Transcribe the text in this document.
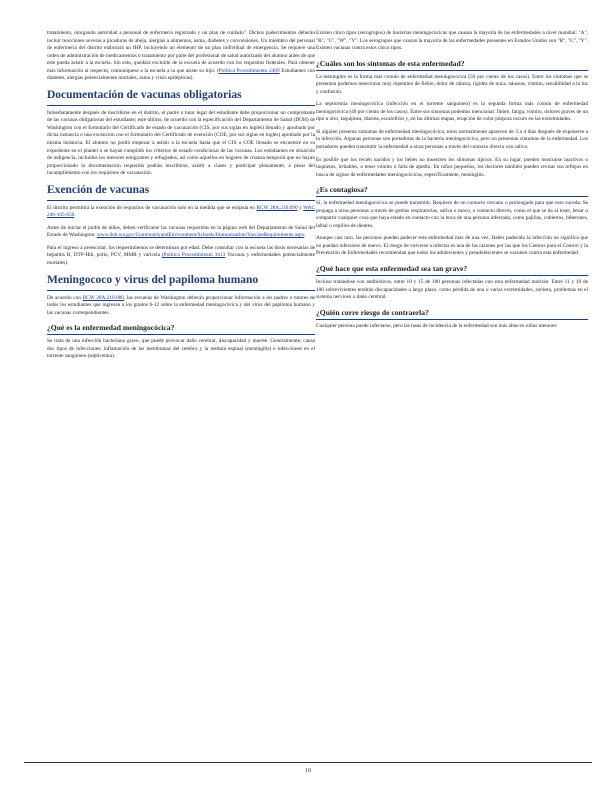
tratamiento, otorgando autoridad a personal de enfermería registrado y un plan de cuidado". Dichos padecimientos deberán incluir reacciones severas a picaduras de abeja, alergias a alimentos, asma, diabetes y convulsiones. Un miembro del personal de enfermería del distrito elaborará un IHP, incluyendo un elemento de un plan individual de emergencia. Se requiere una orden de administración de medicamentos o tratamiento por parte del profesional de salud autorizado del alumno antes de que este pueda asistir a la escuela. Sin esto, quedará excluido de la escuela de acuerdo con los requisitos federales. Para obtener más información al respecto, comuníquese a la escuela a la que asiste su hijo. (Política Procedimiento 2409 Estudiantes con diabetes, alergias potencialmente mortales, asma y crisis epilépticas).

Documentación de vacunas obligatorias

Inmediatamente después de inscribirse en el distrito, el padre o tutor legal del estudiante debe proporcionar un comprobante de las vacunas obligatorias del estudiante; este último, de acuerdo con la especificación del Departamento de Salud (DOH) de Washington con el formulario del Certificado de estado de vacunación (CIS, por sus siglas en inglés) llenado y aprobado por dicha instancia o una excención con el formulario del Certificado de exención (COE, por sus siglas en inglés) aprobado por la misma instancia. El alumno no podrá empezar a asistir a la escuela hasta que el CIS o COE llenado se encuentre en su expediente en el plantel o se hayan cumplido los criterios de estado condicional de las vacunas. Los estudiantes en situación de indigencia, incluidos los menores emigrantes y refugiados, así como aquellos en hogares de crianza temporal que no hayan proporcionado la documentación requerida podrán inscribirse, asistir a clases y participar plenamente, a pesar del incumplimiento con los requisitos de vacunación.

Exención de vacunas

El distrito permitirá la exención de requisitos de vacunación solo en la medida que se estipula en RCW 28A.210.090 y WAC 246-105-050.

Antes de iniciar el jardín de niños, deben verificarse las vacunas requeridas en la página web del Departamento de Salud del Estado de Washington: www.doh.wa.gov/CommunityandEnvironment/Schools/Immunization/VaccineRequirements.aspx.

Para el ingreso a preescolar, los requerimientos se determinan por edad. Debe consultar con la escuela las dosis necesarias de hepatitis B, DTP-Hib, polio, PCV, MMR y varicela (Política Procedimiento 3413 Vacunas y enfermedades potencialmente mortales).

Meningococo y virus del papiloma humano

De acuerdo con RCW 28A.210.080, las escuelas de Washington deberán proporcionar información a los padres o tutores de todos los estudiantes que ingresan a los grados 6-12 sobre la enfermedad meningocócica y del virus del papiloma humano y las vacunas correspondientes.

¿Qué es la enfermedad meningocócica?

Se trata de una infección bacteriana grave, que puede provocar daño cerebral, discapacidad y muerte. Generalmente, causa dos tipos de infecciones: inflamación de las membranas del cerebro y la médula espinal (meningitis) e infecciones en el torrente sanguíneo (septicemia).

Existen cinco tipos (serogrupos) de bacterias meningocócicas que causan la mayoría de las enfermedades a nivel mundial: "A", "B", "C", "W", "Y". Los serogrupos que causan la mayoría de las enfermedades presentes en Estados Unidos son "B", "C", "Y". Existen vacunas contra estos cinco tipos.

¿Cuáles son los síntomas de esta enfermedad?

La meningitis es la forma más común de enfermedad meningocócica (50 por ciento de los casos). Entre los síntomas que se presentan podemos mencionar muy repentino de fiebre, dolor de cabeza, rigidez de nuca, náuseas, vómito, sensibilidad a la luz y confusión.

La septicemia meningocócica (infección en el torrente sanguíneo) es la segunda forma más común de enfermedad meningocócica (40 por ciento de los casos). Entre sus síntomas podemos mencionar: fiebre, fatiga, vómito, dolores graves de un tipo u otro, taquipnea, diarrea, escalofríos y, en las últimas etapas, erupción de color púrpura oscuro en las extremidades.

Si alguien presenta síntomas de enfermedad meningocócica, estos normalmente aparecen de 3 a 4 días después de exponerse a la infección. Algunas personas son portadoras de la bacteria meningocócica, pero no presentan síntomas de la enfermedad. Los portadores pueden transmitir la enfermedad a otras personas a través del contacto directo con saliva.

Es posible que los recién nacidos y los bebés no muestren los síntomas típicos. En su lugar, pueden mostrarse inactivos o inquietos, irritables, o tener vómito o falta de apetito. En niños pequeños, los doctores también pueden revisar sus reflejos en busca de signos de enfermedades meningocócicas, específicamente, meningitis.

¿Es contagiosa?

Sí, la enfermedad meningocócica se puede transmitir. Requiere de un contacto cercano o prolongado para que esto suceda. Se propaga a otras personas a través de gotitas respiratorias, saliva o moco, o contacto directo, como el que se da al toser, besar o compartir cualquier cosa que haya estado en contacto con la boca de una persona infectada, como pajillas, cubiertos, biberones, labial o cepillos de dientes.

Aunque casi raro, las personas pueden padecer esta enfermedad más de una vez. Haber padecido la infección no significa que no puedan infectarse de nuevo. El riesgo de volverse a infectar es una de las razones por las que los Centros para el Control y la Prevención de Enfermedades recomiendan que todos los adolescentes y preadolescentes se vacunen contra esta enfermedad.

¿Qué hace que esta enfermedad sea tan grave?

Incluso tratándose con antibióticos, entre 10 y 15 de 100 personas infectadas con esta enfermedad morirán. Entre 11 y 19 de 100 sobrevivientes tendrán discapacidades a largo plazo, como pérdida de una o varias extremidades, sordera, problemas en el sistema nervioso o daño cerebral.

¿Quién corre riesgo de contraerla?

Cualquier persona puede infectarse, pero las tasas de incidencia de la enfermedad son más altas en niños menores

10
